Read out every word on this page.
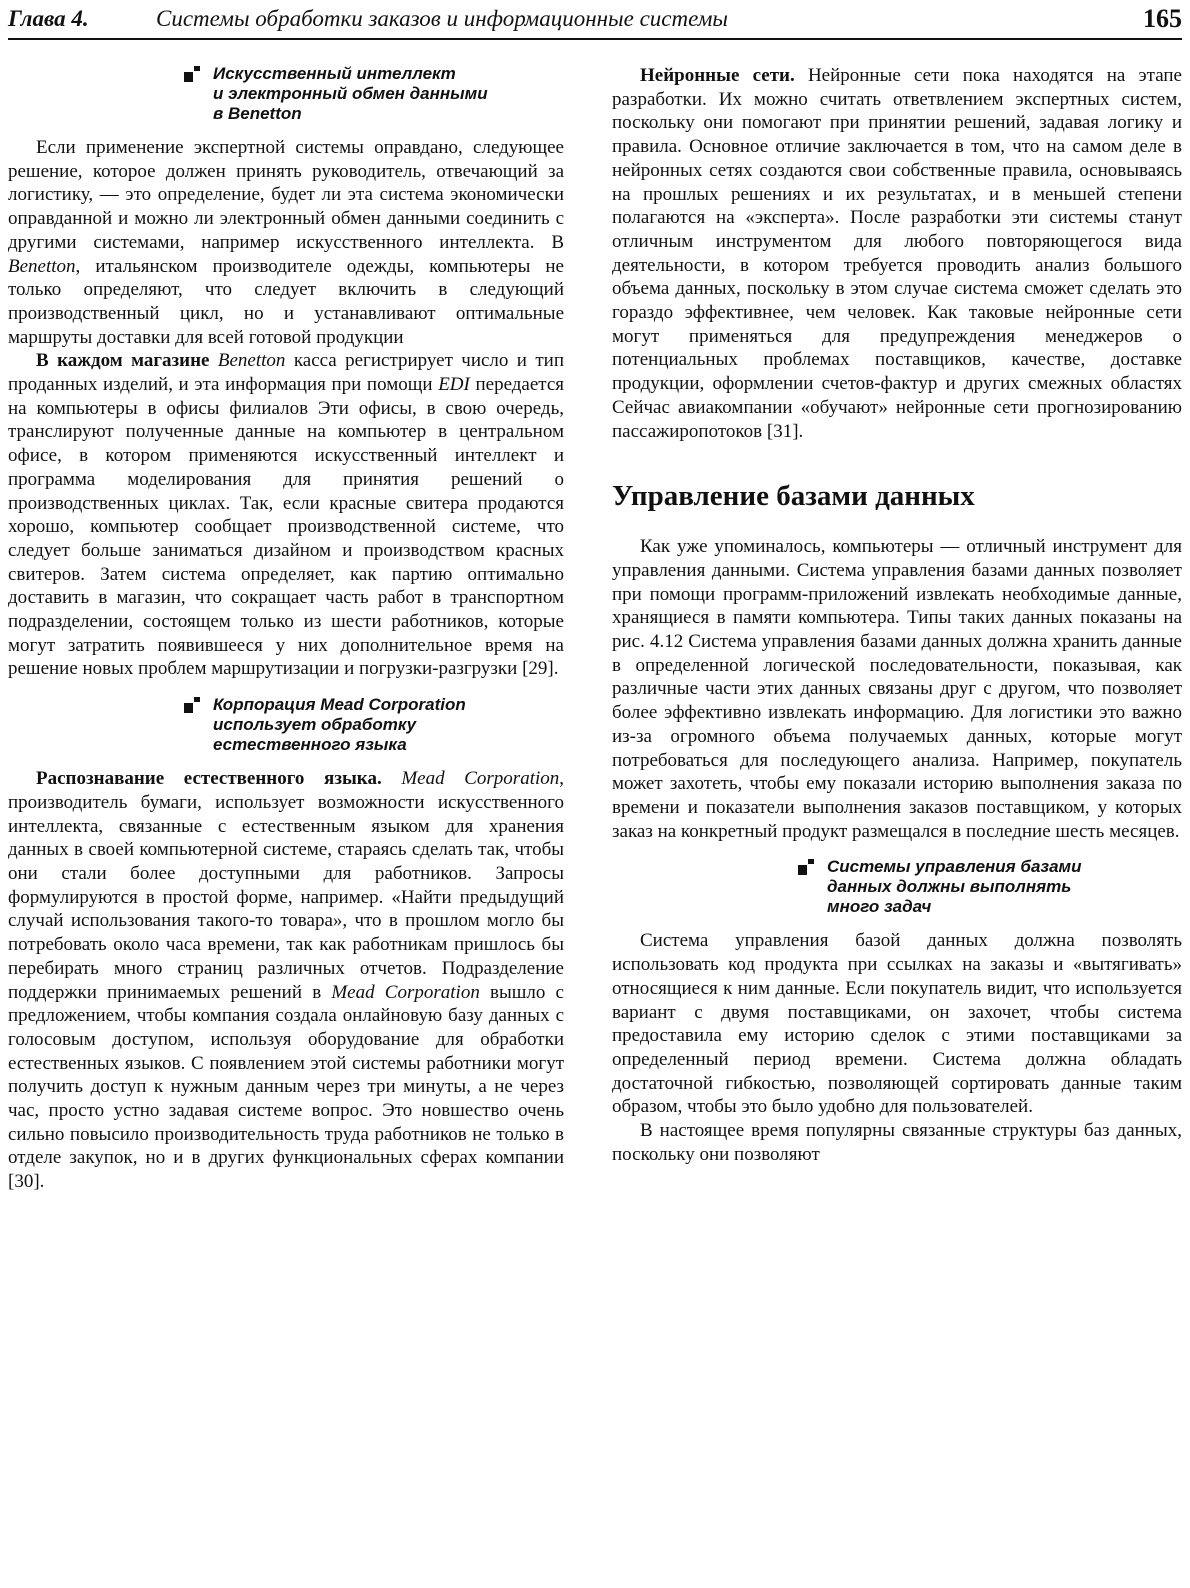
Глава 4.	Системы обработки заказов и информационные системы	165
Искусственный интеллект
и электронный обмен данными
в Benetton

Если применение экспертной системы оправдано, следующее решение, которое должен принять руководитель, отвечающий за логистику, — это определение, будет ли эта система экономически оправданной и можно ли электронный обмен данными соединить с другими системами, например искусственного интеллекта. В Benetton, итальянском производителе одежды, компьютеры не только определяют, что следует включить в следующий производственный цикл, но и устанавливают оптимальные маршруты доставки для всей готовой продукции

В каждом магазине Benetton касса регистрирует число и тип проданных изделий, и эта информация при помощи EDI передается на компьютеры в офисы филиалов Эти офисы, в свою очередь, транслируют полученные данные на компьютер в центральном офисе, в котором применяются искусственный интеллект и программа моделирования для принятия решений о производственных циклах. Так, если красные свитера продаются хорошо, компьютер сообщает производственной системе, что следует больше заниматься дизайном и производством красных свитеров. Затем система определяет, как партию оптимально доставить в магазин, что сокращает часть работ в транспортном подразделении, состоящем только из шести работников, которые могут затратить появившееся у них дополнительное время на решение новых проблем маршрутизации и погрузки-разгрузки [29].

Корпорация Mead Corporation
использует обработку
естественного языка

Распознавание естественного языка. Mead Corporation, производитель бумаги, использует возможности искусственного интеллекта, связанные с естественным языком для хранения данных в своей компьютерной системе, стараясь сделать так, чтобы они стали более доступными для работников. Запросы формулируются в простой форме, например. «Найти предыдущий случай использования такого-то товара», что в прошлом могло бы потребовать около часа времени, так как работникам пришлось бы перебирать много страниц различных отчетов. Подразделение поддержки принимаемых решений в Mead Corporation вышло с предложением, чтобы компания создала онлайновую базу данных с голосовым доступом, используя оборудование для обработки естественных языков. С появлением этой системы работники могут получить доступ к нужным данным через три минуты, а не через час, просто устно задавая системе вопрос. Это новшество очень сильно повысило производительность труда работников не только в отделе закупок, но и в других функциональных сферах компании [30].

Нейронные сети. Нейронные сети пока находятся на этапе разработки. Их можно считать ответвлением экспертных систем, поскольку они помогают при принятии решений, задавая логику и правила. Основное отличие заключается в том, что на самом деле в нейронных сетях создаются свои собственные правила, основываясь на прошлых решениях и их результатах, и в меньшей степени полагаются на «эксперта». После разработки эти системы станут отличным инструментом для любого повторяющегося вида деятельности, в котором требуется проводить анализ большого объема данных, поскольку в этом случае система сможет сделать это гораздо эффективнее, чем человек. Как таковые нейронные сети могут применяться для предупреждения менеджеров о потенциальных проблемах поставщиков, качестве, доставке продукции, оформлении счетов-фактур и других смежных областях Сейчас авиакомпании «обучают» нейронные сети прогнозированию пассажиропотоков [31].

Управление базами данных

Как уже упоминалось, компьютеры — отличный инструмент для управления данными. Система управления базами данных позволяет при помощи программ-приложений извлекать необходимые данные, хранящиеся в памяти компьютера. Типы таких данных показаны на рис. 4.12 Система управления базами данных должна хранить данные в определенной логической последовательности, показывая, как различные части этих данных связаны друг с другом, что позволяет более эффективно извлекать информацию. Для логистики это важно из-за огромного объема получаемых данных, которые могут потребоваться для последующего анализа. Например, покупатель может захотеть, чтобы ему показали историю выполнения заказа по времени и показатели выполнения заказов поставщиком, у которых заказ на конкретный продукт размещался в последние шесть месяцев.

Системы управления базами
данных должны выполнять
много задач

Система управления базой данных должна позволять использовать код продукта при ссылках на заказы и «вытягивать» относящиеся к ним данные. Если покупатель видит, что используется вариант с двумя поставщиками, он захочет, чтобы система предоставила ему историю сделок с этими поставщиками за определенный период времени. Система должна обладать достаточной гибкостью, позволяющей сортировать данные таким образом, чтобы это было удобно для пользователей.

В настоящее время популярны связанные структуры баз данных, поскольку они позволяют
